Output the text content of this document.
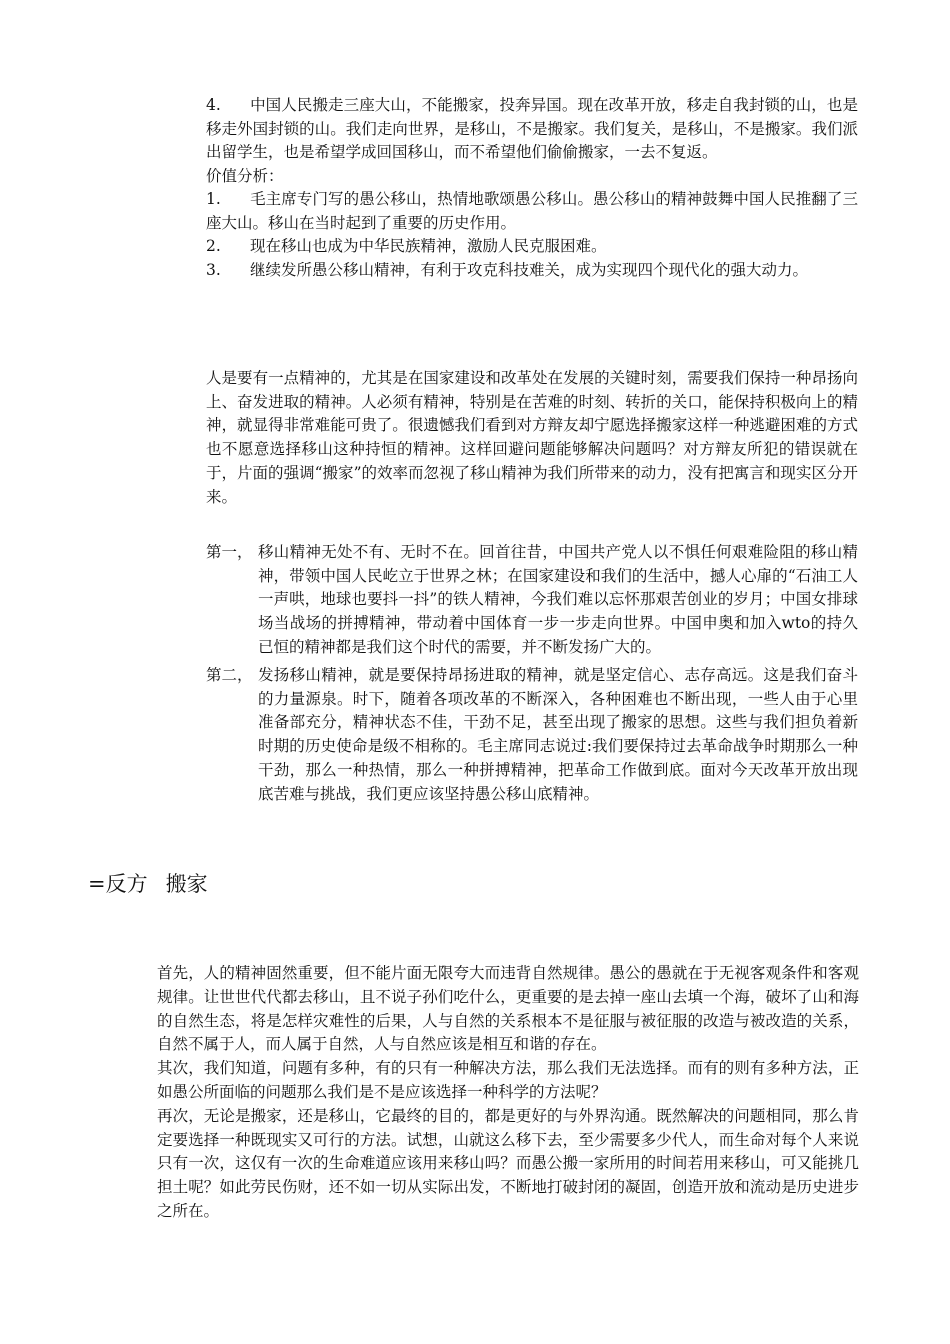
4. 中国人民搬走三座大山，不能搬家，投奔异国。现在改革开放，移走自我封锁的山，也是移走外国封锁的山。我们走向世界，是移山，不是搬家。我们复关，是移山，不是搬家。我们派出留学生，也是希望学成回国移山，而不希望他们偷偷搬家，一去不复返。
价值分析：
1. 毛主席专门写的愚公移山，热情地歌颂愚公移山。愚公移山的精神鼓舞中国人民推翻了三座大山。移山在当时起到了重要的历史作用。
2. 现在移山也成为中华民族精神，激励人民克服困难。
3. 继续发所愚公移山精神，有利于攻克科技难关，成为实现四个现代化的强大动力。

人是要有一点精神的，尤其是在国家建设和改革处在发展的关键时刻，需要我们保持一种昂扬向上、奋发进取的精神。人必须有精神，特别是在苦难的时刻、转折的关口，能保持积极向上的精神，就显得非常难能可贵了。很遗憾我们看到对方辩友却宁愿选择搬家这样一种逃避困难的方式也不愿意选择移山这种持恒的精神。这样回避问题能够解决问题吗？对方辩友所犯的错误就在于，片面的强调“搬家”的效率而忽视了移山精神为我们所带来的动力，没有把寓言和现实区分开来。

第一， 移山精神无处不有、无时不在。回首往昔，中国共产党人以不惧任何艰难险阻的移山精神，带领中国人民屹立于世界之林；在国家建设和我们的生活中，撼人心扉的“石油工人一声哄，地球也要抖一抖”的铁人精神，今我们难以忘怀那艰苦创业的岁月；中国女排球场当战场的拼搏精神，带动着中国体育一步一步走向世界。中国申奥和加入wto的持久已恒的精神都是我们这个时代的需要，并不断发扬广大的。
第二， 发扬移山精神，就是要保持昂扬进取的精神，就是坚定信心、志存高远。这是我们奋斗的力量源泉。时下，随着各项改革的不断深入，各种困难也不断出现，一些人由于心里准备部充分，精神状态不佳，干劲不足，甚至出现了搬家的思想。这些与我们担负着新时期的历史使命是级不相称的。毛主席同志说过:我们要保持过去革命战争时期那么一种干劲，那么一种热情，那么一种拼搏精神，把革命工作做到底。面对今天改革开放出现底苦难与挑战，我们更应该坚持愚公移山底精神。
=反方 搬家
首先，人的精神固然重要，但不能片面无限夸大而违背自然规律。愚公的愚就在于无视客观条件和客观规律。让世世代代都去移山，且不说子孙们吃什么，更重要的是去掉一座山去填一个海，破坏了山和海的自然生态，将是怎样灾难性的后果，人与自然的关系根本不是征服与被征服的改造与被改造的关系，自然不属于人，而人属于自然，人与自然应该是相互和谐的存在。
其次，我们知道，问题有多种，有的只有一种解决方法，那么我们无法选择。而有的则有多种方法，正如愚公所面临的问题那么我们是不是应该选择一种科学的方法呢？
再次，无论是搬家，还是移山，它最终的目的，都是更好的与外界沟通。既然解决的问题相同，那么肯定要选择一种既现实又可行的方法。试想，山就这么移下去，至少需要多少代人，而生命对每个人来说只有一次，这仅有一次的生命难道应该用来移山吗？而愚公搬一家所用的时间若用来移山，可又能挑几担土呢？如此劳民伤财，还不如一切从实际出发，不断地打破封闭的凝固，创造开放和流动是历史进步之所在。
